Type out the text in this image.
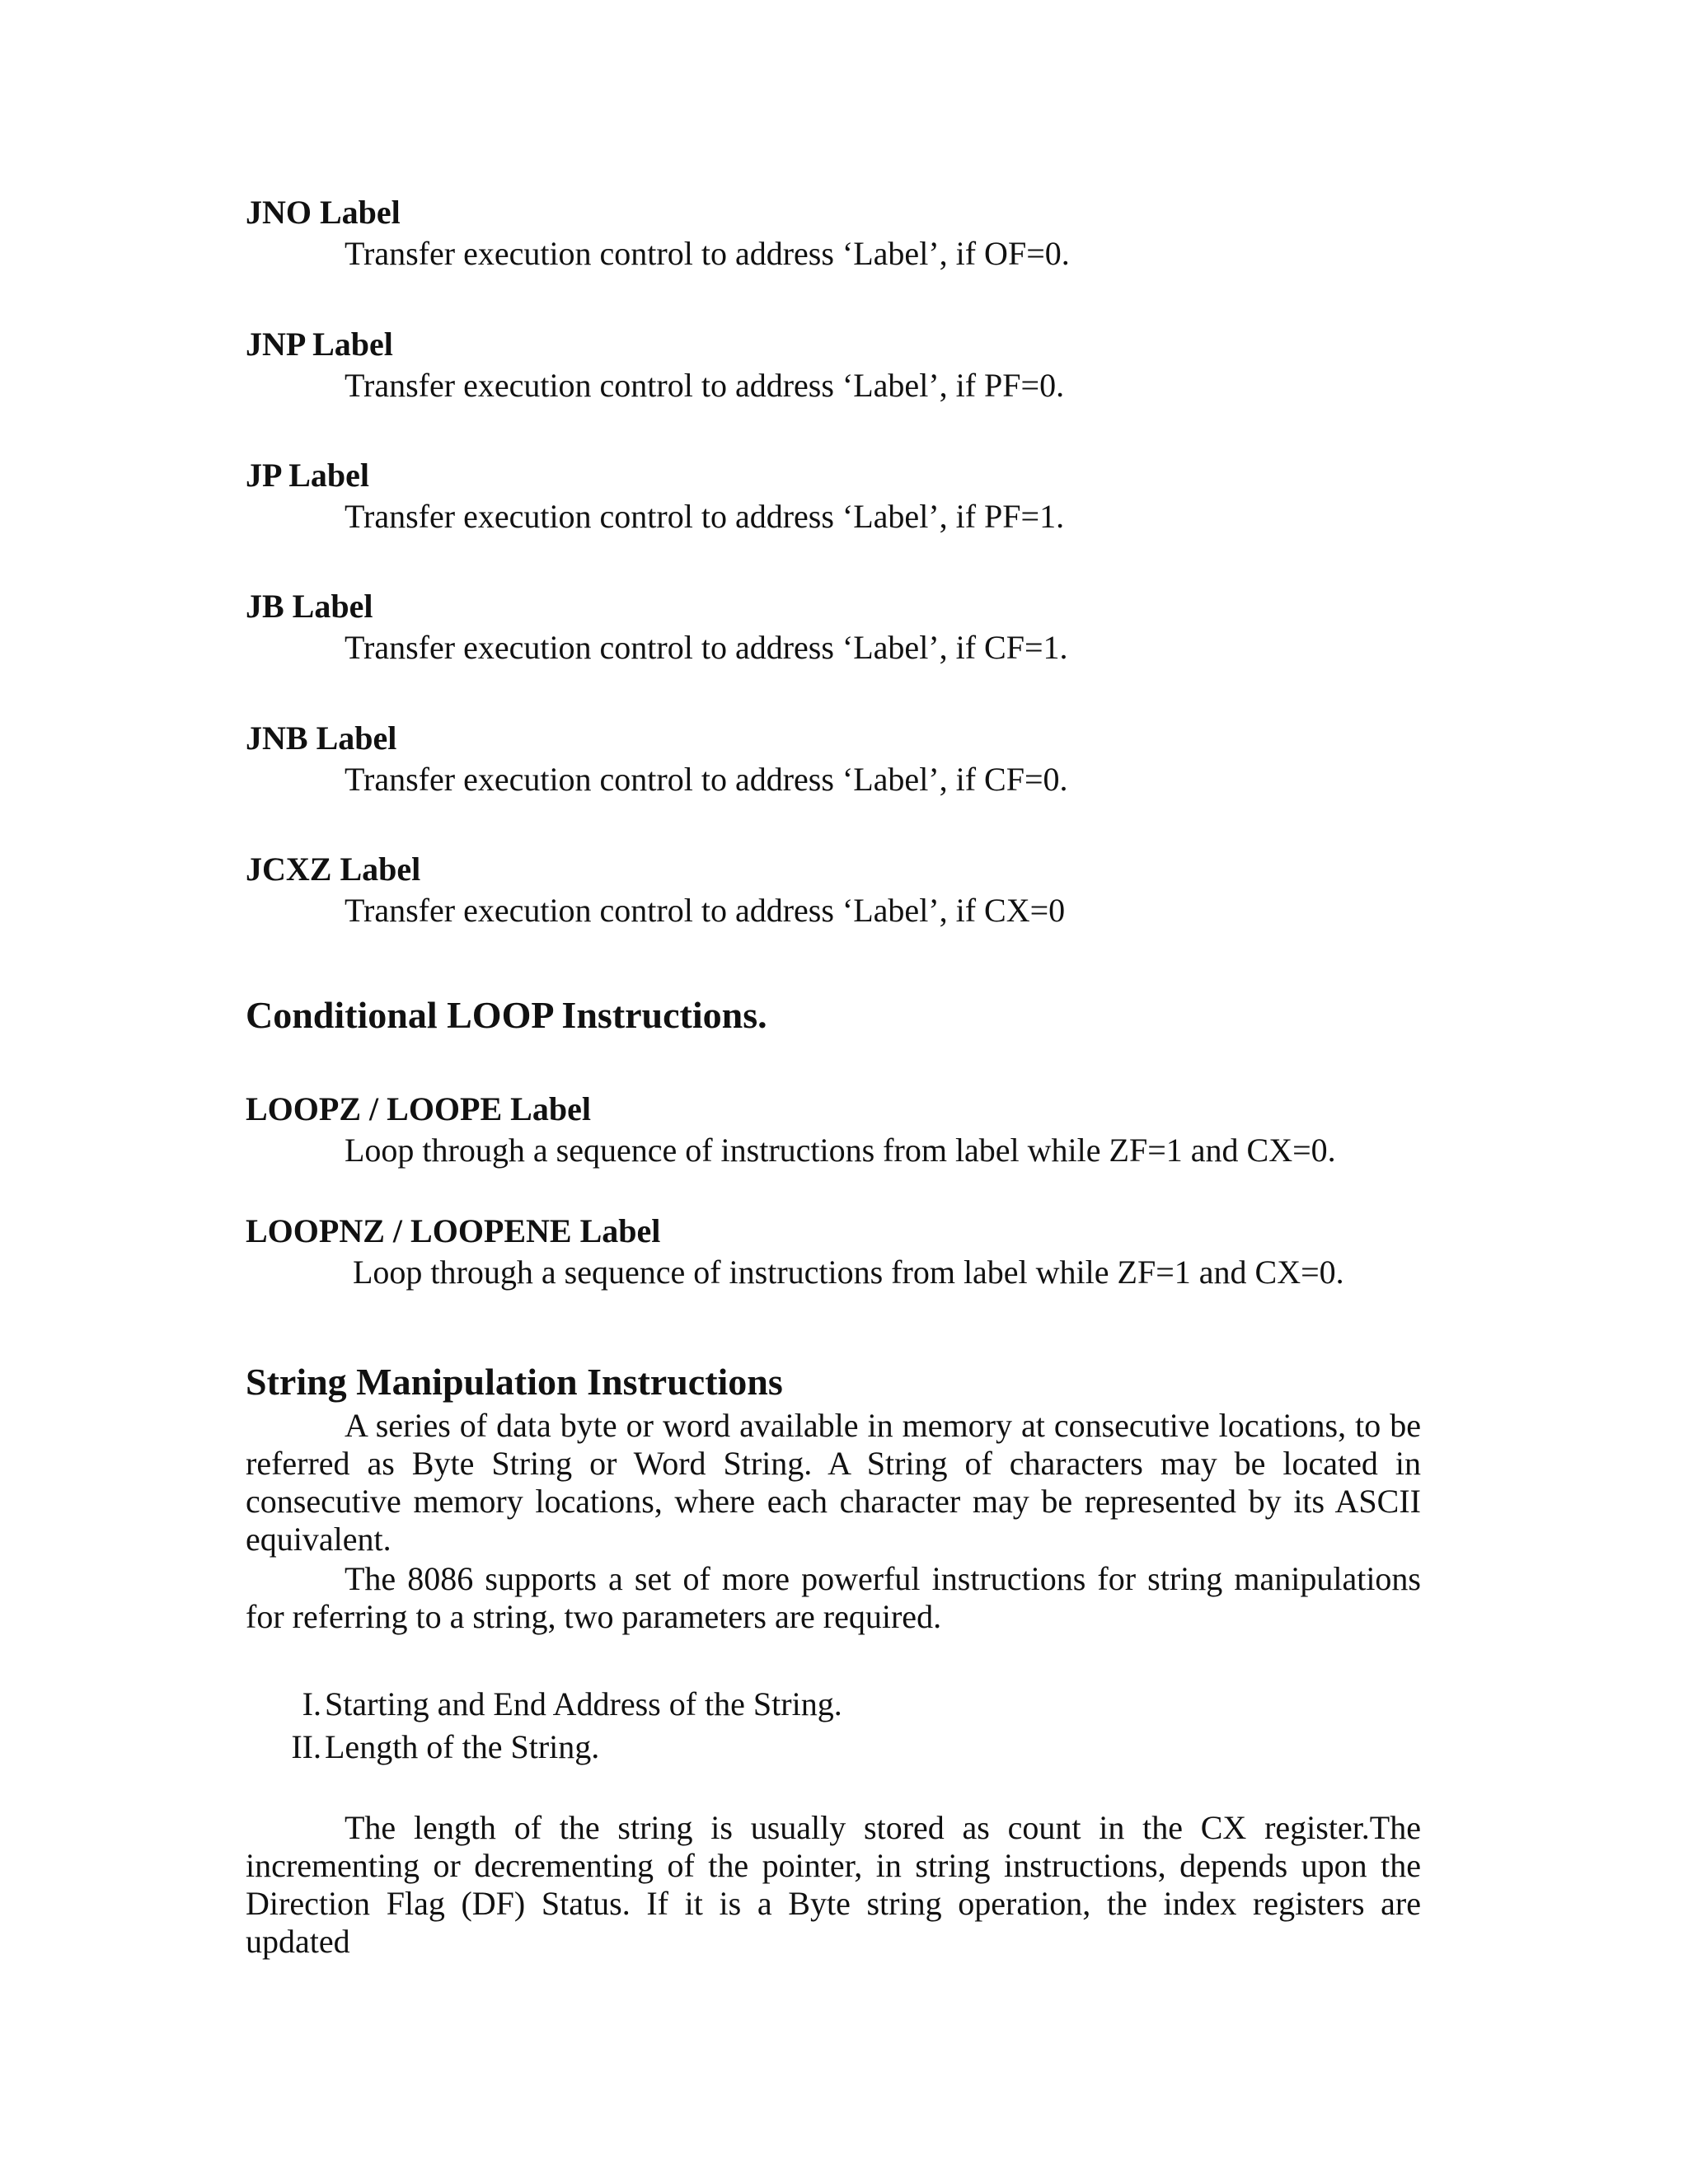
JNO Label

Transfer execution control to address ‘Label’, if OF=0.

JNP Label

Transfer execution control to address ‘Label’, if PF=0.

JP Label

Transfer execution control to address ‘Label’, if PF=1.

JB Label

Transfer execution control to address ‘Label’, if CF=1.

JNB Label

Transfer execution control to address ‘Label’, if CF=0.

JCXZ Label

Transfer execution control to address ‘Label’, if CX=0

Conditional LOOP Instructions.

LOOPZ / LOOPE Label

Loop through a sequence of instructions from label while ZF=1 and CX=0.

LOOPNZ / LOOPENE Label

Loop through a sequence of instructions from label while ZF=1 and CX=0.

String Manipulation Instructions

A series of data byte or word available in memory at consecutive locations, to be referred as Byte String or Word String. A String of characters may be located in consecutive memory locations, where each character may be represented by its ASCII equivalent.

The 8086 supports a set of more powerful instructions for string manipulations for referring to a string, two parameters are required.

I. Starting and End Address of the String.
II. Length of the String.

The length of the string is usually stored as count in the CX register.The incrementing or decrementing of the pointer, in string instructions, depends upon the Direction Flag (DF) Status. If it is a Byte string operation, the index registers are updated
